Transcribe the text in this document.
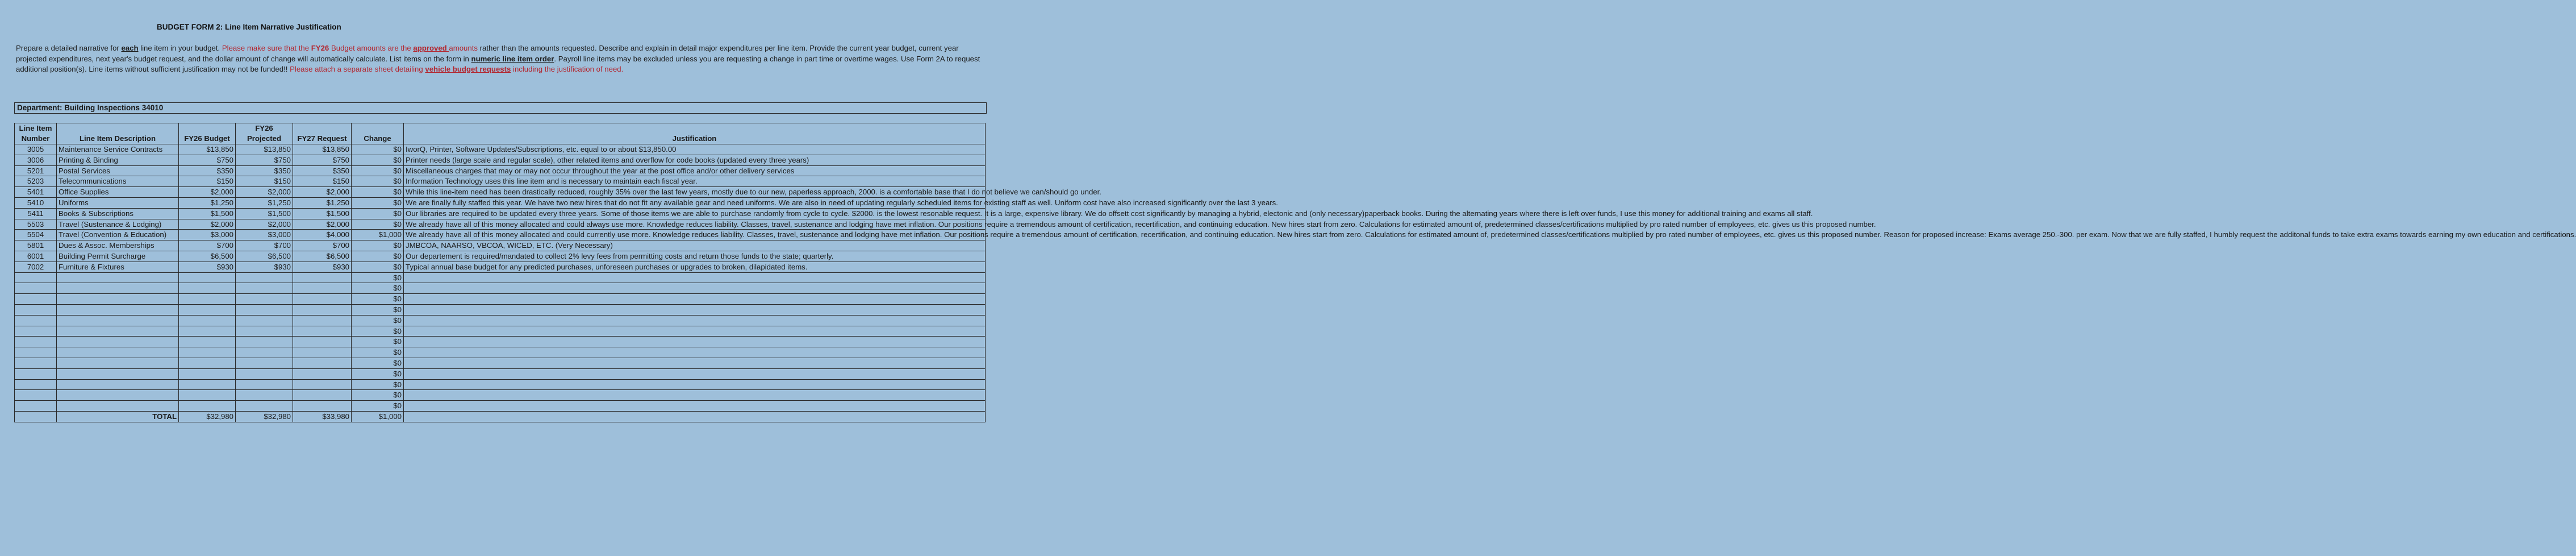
BUDGET FORM 2: Line Item Narrative Justification
Prepare a detailed narrative for each line item in your budget. Please make sure that the FY26 Budget amounts are the approved amounts rather than the amounts requested. Describe and explain in detail major expenditures per line item. Provide the current year budget, current year projected expenditures, next year's budget request, and the dollar amount of change will automatically calculate. List items on the form in numeric line item order. Payroll line items may be excluded unless you are requesting a change in part time or overtime wages. Use Form 2A to request additional position(s). Line items without sufficient justification may not be funded!! Please attach a separate sheet detailing vehicle budget requests including the justification of need.
Department: Building Inspections 34010
Line Item Number	Line Item Description	FY26 Budget	FY26 Projected	FY27 Request	Change	Justification
3005	Maintenance Service Contracts	$13,850	$13,850	$13,850	$0	IworQ, Printer, Software Updates/Subscriptions, etc. equal to or about $13,850.00
3006	Printing & Binding	$750	$750	$750	$0	Printer needs (large scale and regular scale), other related items and overflow for code books (updated every three years)
5201	Postal Services	$350	$350	$350	$0	Miscellaneous charges that may or may not occur throughout the year at the post office and/or other delivery services
5203	Telecommunications	$150	$150	$150	$0	Information Technology uses this line item and is necessary to maintain each fiscal year.
5401	Office Supplies	$2,000	$2,000	$2,000	$0	While this line-item need has been drastically reduced, roughly 35% over the last few years, mostly due to our new, paperless approach, 2000. is a comfortable base that I do not believe we can/should go under.
5410	Uniforms	$1,250	$1,250	$1,250	$0	We are finally fully staffed this year. We have two new hires that do not fit any available gear and need uniforms. We are also in need of updating regularly scheduled items for existing staff as well. Uniform cost have also increased significantly over the last 3 years.
5411	Books & Subscriptions	$1,500	$1,500	$1,500	$0	Our libraries are required to be updated every three years. Some of those items we are able to purchase randomly from cycle to cycle. $2000. is the lowest resonable request. It is a large, expensive library. We do offsett cost significantly by managing a hybrid, electonic and (only necessary)paperback books. During the alternating years where there is left over funds, I use this money for additional training and exams all staff.
5503	Travel (Sustenance & Lodging)	$2,000	$2,000	$2,000	$0	We already have all of this money allocated and could always use more. Knowledge reduces liability. Classes, travel, sustenance and lodging have met inflation. Our positions require a tremendous amount of certification, recertification, and continuing education. New hires start from zero. Calculations for estimated amount of, predetermined classes/certifications multiplied by pro rated number of employees, etc. gives us this proposed number.
5504	Travel (Convention & Education)	$3,000	$3,000	$4,000	$1,000	We already have all of this money allocated and could currently use more. Knowledge reduces liability. Classes, travel, sustenance and lodging have met inflation. Our positions require a tremendous amount of certification, recertification, and continuing education. New hires start from zero. Calculations for estimated amount of, predetermined classes/certifications multiplied by pro rated number of employees, etc. gives us this proposed number. Reason for proposed increase: Exams average 250.-300. per exam. Now that we are fully staffed, I humbly request the additonal funds to take extra exams towards earning my own education and certifications.
5801	Dues & Assoc. Memberships	$700	$700	$700	$0	JMBCOA, NAARSO, VBCOA, WICED, ETC. (Very Necessary)
6001	Building Permit Surcharge	$6,500	$6,500	$6,500	$0	Our departement is required/mandated to collect 2% levy fees from permitting costs and return those funds to the state; quarterly.
7002	Furniture & Fixtures	$930	$930	$930	$0	Typical annual base budget for any predicted purchases, unforeseen purchases or upgrades to broken, dilapidated items.
					$0	
					$0	
					$0	
					$0	
					$0	
					$0	
					$0	
					$0	
					$0	
					$0	
					$0	
					$0	
					$0	
	TOTAL	$32,980	$32,980	$33,980	$1,000	
